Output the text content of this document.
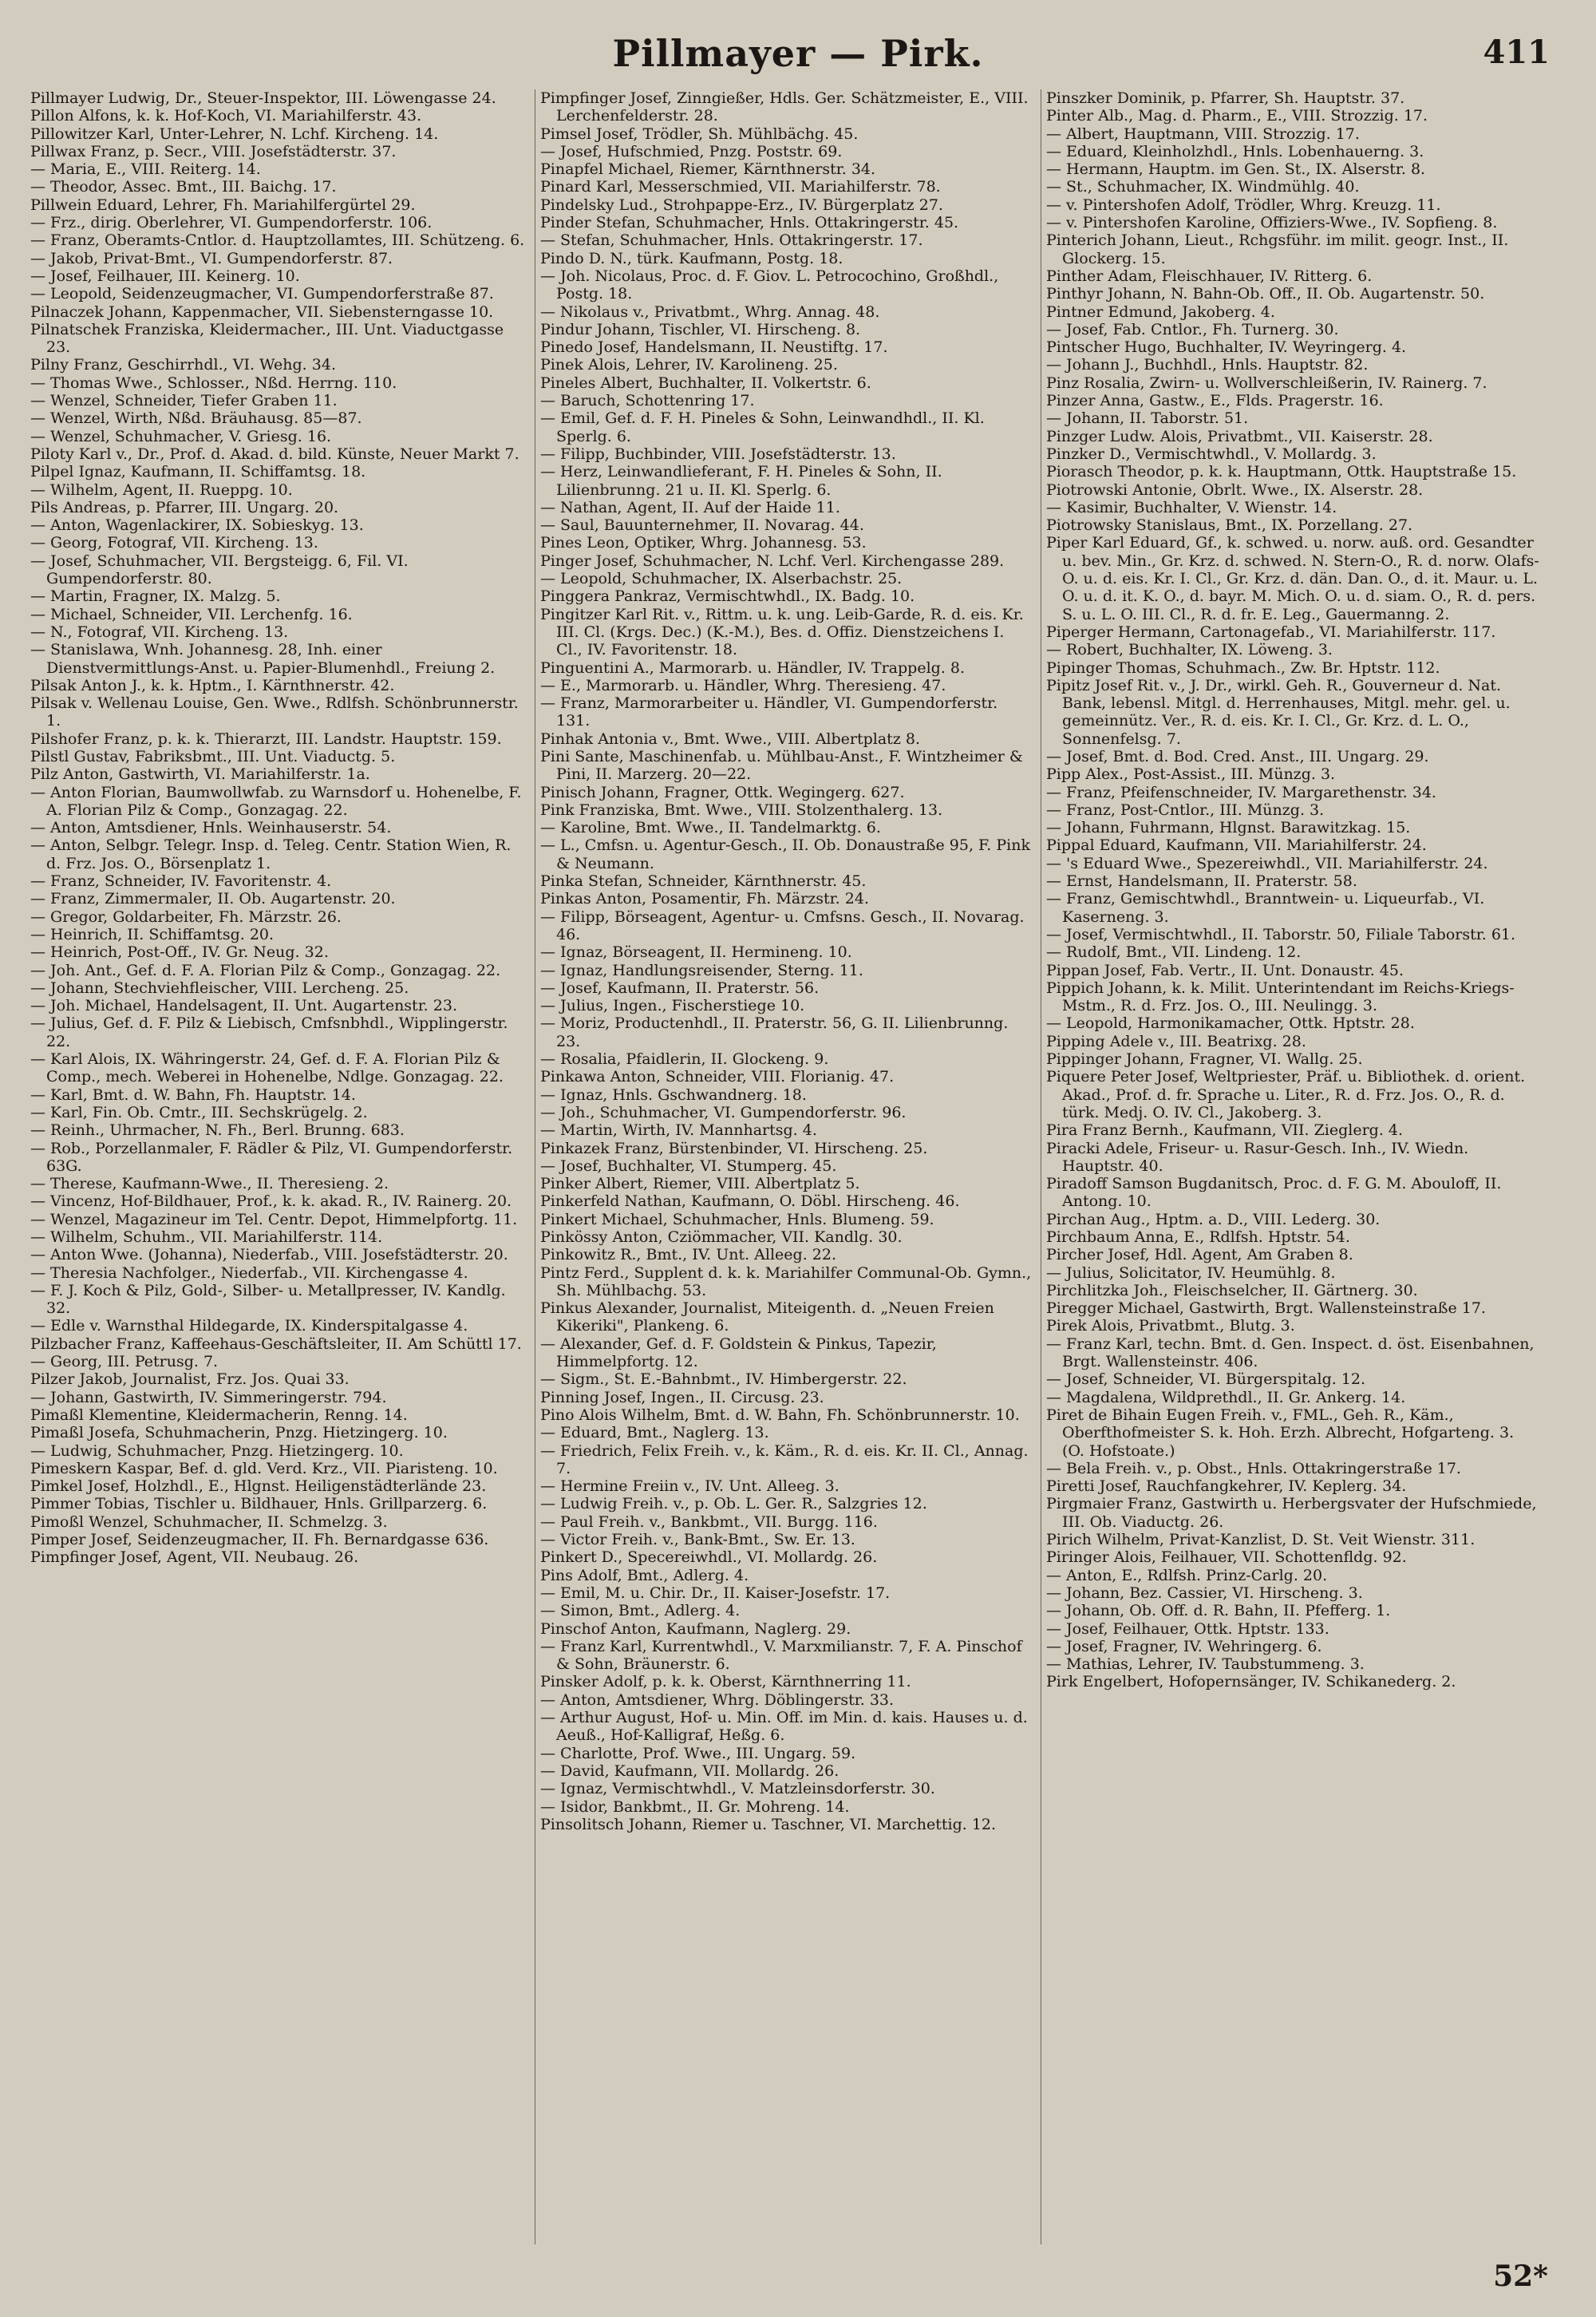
Pillmayer — Pirk.	411

Pillmayer Ludwig, Dr., Steuer-Inspektor, III. Löwengasse 24.

Pillon Alfons, k. k. Hof-Koch, VI. Mariahilferstr. 43.

Pillowitzer Karl, Unter-Lehrer, N. Lchf. Kircheng. 14.

Pillwax Franz, p. Secr., VIII. Josefstädterstr. 37.

— Maria, E., VIII. Reiterg. 14.

— Theodor, Assec. Bmt., III. Baichg. 17.

Pillwein Eduard, Lehrer, Fh. Mariahilfergürtel 29.

— Frz., dirig. Oberlehrer, VI. Gumpendorferstr. 106.

— Franz, Oberamts-Cntlor. d. Hauptzollamtes, III. Schützeng. 6.

— Jakob, Privat-Bmt., VI. Gumpendorferstr. 87.

— Josef, Feilhauer, III. Keinerg. 10.

— Leopold, Seidenzeugmacher, VI. Gumpendorferstraße 87.

Pilnaczek Johann, Kappenmacher, VII. Siebensterngasse 10.

Pilnatschek Franziska, Kleidermacher., III. Unt. Viaductgasse 23.

Pilny Franz, Geschirrhdl., VI. Wehg. 34.

— Thomas Wwe., Schlosser., Nßd. Herrng. 110.

— Wenzel, Schneider, Tiefer Graben 11.

— Wenzel, Wirth, Nßd. Bräuhausg. 85—87.

— Wenzel, Schuhmacher, V. Griesg. 16.

Piloty Karl v., Dr., Prof. d. Akad. d. bild. Künste, Neuer Markt 7.

Pilpel Ignaz, Kaufmann, II. Schiffamtsg. 18.

— Wilhelm, Agent, II. Rueppg. 10.

Pils Andreas, p. Pfarrer, III. Ungarg. 20.

— Anton, Wagenlackirer, IX. Sobieskyg. 13.

— Georg, Fotograf, VII. Kircheng. 13.

— Josef, Schuhmacher, VII. Bergsteigg. 6, Fil. VI. Gumpendorferstr. 80.

— Martin, Fragner, IX. Malzg. 5.

— Michael, Schneider, VII. Lerchenfg. 16.

— N., Fotograf, VII. Kircheng. 13.

— Stanislawa, Wnh. Johannesg. 28, Inh. einer Dienstvermittlungs-Anst. u. Papier-Blumenhdl., Freiung 2.

Pilsak Anton J., k. k. Hptm., I. Kärnthnerstr. 42.

Pilsak v. Wellenau Louise, Gen. Wwe., Rdlfsh. Schönbrunnerstr. 1.

Pilshofer Franz, p. k. k. Thierarzt, III. Landstr. Hauptstr. 159.

Pilstl Gustav, Fabriksbmt., III. Unt. Viaductg. 5.

Pilz Anton, Gastwirth, VI. Mariahilferstr. 1a.

— Anton Florian, Baumwollwfab. zu Warnsdorf u. Hohenelbe, F. A. Florian Pilz & Comp., Gonzagag. 22.

— Anton, Amtsdiener, Hnls. Weinhauserstr. 54.

— Anton, Selbgr. Telegr. Insp. d. Teleg. Centr. Station Wien, R. d. Frz. Jos. O., Börsenplatz 1.

— Franz, Schneider, IV. Favoritenstr. 4.

— Franz, Zimmermaler, II. Ob. Augartenstr. 20.

— Gregor, Goldarbeiter, Fh. Märzstr. 26.

— Heinrich, II. Schiffamtsg. 20.

— Heinrich, Post-Off., IV. Gr. Neug. 32.

— Joh. Ant., Gef. d. F. A. Florian Pilz & Comp., Gonzagag. 22.

— Johann, Stechviehfleischer, VIII. Lercheng. 25.

— Joh. Michael, Handelsagent, II. Unt. Augartenstr. 23.

— Julius, Gef. d. F. Pilz & Liebisch, Cmfsnbhdl., Wipplingerstr. 22.

— Karl Alois, IX. Währingerstr. 24, Gef. d. F. A. Florian Pilz & Comp., mech. Weberei in Hohenelbe, Ndlge. Gonzagag. 22.

— Karl, Bmt. d. W. Bahn, Fh. Hauptstr. 14.

— Karl, Fin. Ob. Cmtr., III. Sechskrügelg. 2.

— Reinh., Uhrmacher, N. Fh., Berl. Brunng. 683.

— Rob., Porzellanmaler, F. Rädler & Pilz, VI. Gumpendorferstr. 63G.

— Therese, Kaufmann-Wwe., II. Theresieng. 2.

— Vincenz, Hof-Bildhauer, Prof., k. k. akad. R., IV. Rainerg. 20.

— Wenzel, Magazineur im Tel. Centr. Depot, Himmelpfortg. 11.

— Wilhelm, Schuhm., VII. Mariahilferstr. 114.

— Anton Wwe. (Johanna), Niederfab., VIII. Josefstädterstr. 20.

— Theresia Nachfolger., Niederfab., VII. Kirchengasse 4.

— F. J. Koch & Pilz, Gold-, Silber- u. Metallpresser, IV. Kandlg. 32.

— Edle v. Warnsthal Hildegarde, IX. Kinderspitalgasse 4.

Pilzbacher Franz, Kaffeehaus-Geschäftsleiter, II. Am Schüttl 17.

— Georg, III. Petrusg. 7.

Pilzer Jakob, Journalist, Frz. Jos. Quai 33.

— Johann, Gastwirth, IV. Simmeringerstr. 794.

Pimaßl Klementine, Kleidermacherin, Renng. 14.

Pimaßl Josefa, Schuhmacherin, Pnzg. Hietzingerg. 10.

— Ludwig, Schuhmacher, Pnzg. Hietzingerg. 10.

Pimeskern Kaspar, Bef. d. gld. Verd. Krz., VII. Piaristeng. 10.

Pimkel Josef, Holzhdl., E., Hlgnst. Heiligenstädterlände 23.

Pimmer Tobias, Tischler u. Bildhauer, Hnls. Grillparzerg. 6.

Pimoßl Wenzel, Schuhmacher, II. Schmelzg. 3.

Pimper Josef, Seidenzeugmacher, II. Fh. Bernardgasse 636.

Pimpfinger Josef, Agent, VII. Neubaug. 26.

Pimpfinger Josef, Zinngießer, Hdls. Ger. Schätzmeister, E., VIII. Lerchenfelderstr. 28.

Pimsel Josef, Trödler, Sh. Mühlbächg. 45.

— Josef, Hufschmied, Pnzg. Poststr. 69.

Pinapfel Michael, Riemer, Kärnthnerstr. 34.

Pinard Karl, Messerschmied, VII. Mariahilferstr. 78.

Pindelsky Lud., Strohpappe-Erz., IV. Bürgerplatz 27.

Pinder Stefan, Schuhmacher, Hnls. Ottakringerstr. 45.

— Stefan, Schuhmacher, Hnls. Ottakringerstr. 17.

Pindo D. N., türk. Kaufmann, Postg. 18.

— Joh. Nicolaus, Proc. d. F. Giov. L. Petrocochino, Großhdl., Postg. 18.

— Nikolaus v., Privatbmt., Whrg. Annag. 48.

Pindur Johann, Tischler, VI. Hirscheng. 8.

Pinedo Josef, Handelsmann, II. Neustiftg. 17.

Pinek Alois, Lehrer, IV. Karolineng. 25.

Pineles Albert, Buchhalter, II. Volkertstr. 6.

— Baruch, Schottenring 17.

— Emil, Gef. d. F. H. Pineles & Sohn, Leinwandhdl., II. Kl. Sperlg. 6.

— Filipp, Buchbinder, VIII. Josefstädterstr. 13.

— Herz, Leinwandlieferant, F. H. Pineles & Sohn, II. Lilienbrunng. 21 u. II. Kl. Sperlg. 6.

— Nathan, Agent, II. Auf der Haide 11.

— Saul, Bauunternehmer, II. Novarag. 44.

Pines Leon, Optiker, Whrg. Johannesg. 53.

Pinger Josef, Schuhmacher, N. Lchf. Verl. Kirchengasse 289.

— Leopold, Schuhmacher, IX. Alserbachstr. 25.

Pinggera Pankraz, Vermischtwhdl., IX. Badg. 10.

Pingitzer Karl Rit. v., Rittm. u. k. ung. Leib-Garde, R. d. eis. Kr. III. Cl. (Krgs. Dec.) (K.-M.), Bes. d. Offiz. Dienstzeichens I. Cl., IV. Favoritenstr. 18.

Pinguentini A., Marmorarb. u. Händler, IV. Trappelg. 8.

— E., Marmorarb. u. Händler, Whrg. Theresieng. 47.

— Franz, Marmorarbeiter u. Händler, VI. Gumpendorferstr. 131.

Pinhak Antonia v., Bmt. Wwe., VIII. Albertplatz 8.

Pini Sante, Maschinenfab. u. Mühlbau-Anst., F. Wintzheimer & Pini, II. Marzerg. 20—22.

Pinisch Johann, Fragner, Ottk. Wegingerg. 627.

Pink Franziska, Bmt. Wwe., VIII. Stolzenthalerg. 13.

— Karoline, Bmt. Wwe., II. Tandelmarktg. 6.

— L., Cmfsn. u. Agentur-Gesch., II. Ob. Donaustraße 95, F. Pink & Neumann.

Pinka Stefan, Schneider, Kärnthnerstr. 45.

Pinkas Anton, Posamentir, Fh. Märzstr. 24.

— Filipp, Börseagent, Agentur- u. Cmfsns. Gesch., II. Novarag. 46.

— Ignaz, Börseagent, II. Hermineng. 10.

— Ignaz, Handlungsreisender, Sterng. 11.

— Josef, Kaufmann, II. Praterstr. 56.

— Julius, Ingen., Fischerstiege 10.

— Moriz, Productenhdl., II. Praterstr. 56, G. II. Lilienbrunng. 23.

— Rosalia, Pfaidlerin, II. Glockeng. 9.

Pinkawa Anton, Schneider, VIII. Florianig. 47.

— Ignaz, Hnls. Gschwandnerg. 18.

— Joh., Schuhmacher, VI. Gumpendorferstr. 96.

— Martin, Wirth, IV. Mannhartsg. 4.

Pinkazek Franz, Bürstenbinder, VI. Hirscheng. 25.

— Josef, Buchhalter, VI. Stumperg. 45.

Pinker Albert, Riemer, VIII. Albertplatz 5.

Pinkerfeld Nathan, Kaufmann, O. Döbl. Hirscheng. 46.

Pinkert Michael, Schuhmacher, Hnls. Blumeng. 59.

Pinkössy Anton, Cziömmacher, VII. Kandlg. 30.

Pinkowitz R., Bmt., IV. Unt. Alleeg. 22.

Pintz Ferd., Supplent d. k. k. Mariahilfer Communal-Ob. Gymn., Sh. Mühlbachg. 53.

Pinkus Alexander, Journalist, Miteigenth. d. „Neuen Freien Kikeriki", Plankeng. 6.

— Alexander, Gef. d. F. Goldstein & Pinkus, Tapezir, Himmelpfortg. 12.

— Sigm., St. E.-Bahnbmt., IV. Himbergerstr. 22.

Pinning Josef, Ingen., II. Circusg. 23.

Pino Alois Wilhelm, Bmt. d. W. Bahn, Fh. Schönbrunnerstr. 10.

— Eduard, Bmt., Naglerg. 13.

— Friedrich, Felix Freih. v., k. Käm., R. d. eis. Kr. II. Cl., Annag. 7.

— Hermine Freiin v., IV. Unt. Alleeg. 3.

— Ludwig Freih. v., p. Ob. L. Ger. R., Salzgries 12.

— Paul Freih. v., Bankbmt., VII. Burgg. 116.

— Victor Freih. v., Bank-Bmt., Sw. Er. 13.

Pinkert D., Specereiwhdl., VI. Mollardg. 26.

Pins Adolf, Bmt., Adlerg. 4.

— Emil, M. u. Chir. Dr., II. Kaiser-Josefstr. 17.

— Simon, Bmt., Adlerg. 4.

Pinschof Anton, Kaufmann, Naglerg. 29.

— Franz Karl, Kurrentwhdl., V. Marxmilianstr. 7, F. A. Pinschof & Sohn, Bräunerstr. 6.

Pinsker Adolf, p. k. k. Oberst, Kärnthnerring 11.

— Anton, Amtsdiener, Whrg. Döblingerstr. 33.

— Arthur August, Hof- u. Min. Off. im Min. d. kais. Hauses u. d. Aeuß., Hof-Kalligraf, Heßg. 6.

— Charlotte, Prof. Wwe., III. Ungarg. 59.

— David, Kaufmann, VII. Mollardg. 26.

— Ignaz, Vermischtwhdl., V. Matzleinsdorferstr. 30.

— Isidor, Bankbmt., II. Gr. Mohreng. 14.

Pinsolitsch Johann, Riemer u. Taschner, VI. Marchettig. 12.

Pinszker Dominik, p. Pfarrer, Sh. Hauptstr. 37.

Pinter Alb., Mag. d. Pharm., E., VIII. Strozzig. 17.

— Albert, Hauptmann, VIII. Strozzig. 17.

— Eduard, Kleinholzhdl., Hnls. Lobenhauerng. 3.

— Hermann, Hauptm. im Gen. St., IX. Alserstr. 8.

— St., Schuhmacher, IX. Windmühlg. 40.

— v. Pintershofen Adolf, Trödler, Whrg. Kreuzg. 11.

— v. Pintershofen Karoline, Offiziers-Wwe., IV. Sopfieng. 8.

Pinterich Johann, Lieut., Rchgsführ. im milit. geogr. Inst., II. Glockerg. 15.

Pinther Adam, Fleischhauer, IV. Ritterg. 6.

Pinthyr Johann, N. Bahn-Ob. Off., II. Ob. Augartenstr. 50.

Pintner Edmund, Jakoberg. 4.

— Josef, Fab. Cntlor., Fh. Turnerg. 30.

Pintscher Hugo, Buchhalter, IV. Weyringerg. 4.

— Johann J., Buchhdl., Hnls. Hauptstr. 82.

Pinz Rosalia, Zwirn- u. Wollverschleißerin, IV. Rainerg. 7.

Pinzer Anna, Gastw., E., Flds. Pragerstr. 16.

— Johann, II. Taborstr. 51.

Pinzger Ludw. Alois, Privatbmt., VII. Kaiserstr. 28.

Pinzker D., Vermischtwhdl., V. Mollardg. 3.

Piorasch Theodor, p. k. k. Hauptmann, Ottk. Hauptstraße 15.

Piotrowski Antonie, Obrlt. Wwe., IX. Alserstr. 28.

— Kasimir, Buchhalter, V. Wienstr. 14.

Piotrowsky Stanislaus, Bmt., IX. Porzellang. 27.

Piper Karl Eduard, Gf., k. schwed. u. norw. auß. ord. Gesandter u. bev. Min., Gr. Krz. d. schwed. N. Stern-O., R. d. norw. Olafs-O. u. d. eis. Kr. I. Cl., Gr. Krz. d. dän. Dan. O., d. it. Maur. u. L. O. u. d. it. K. O., d. bayr. M. Mich. O. u. d. siam. O., R. d. pers. S. u. L. O. III. Cl., R. d. fr. E. Leg., Gauermanng. 2.

Piperger Hermann, Cartonagefab., VI. Mariahilferstr. 117.

— Robert, Buchhalter, IX. Löweng. 3.

Pipinger Thomas, Schuhmach., Zw. Br. Hptstr. 112.

Pipitz Josef Rit. v., J. Dr., wirkl. Geh. R., Gouverneur d. Nat. Bank, lebensl. Mitgl. d. Herrenhauses, Mitgl. mehr. gel. u. gemeinnütz. Ver., R. d. eis. Kr. I. Cl., Gr. Krz. d. L. O., Sonnenfelsg. 7.

— Josef, Bmt. d. Bod. Cred. Anst., III. Ungarg. 29.

Pipp Alex., Post-Assist., III. Münzg. 3.

— Franz, Pfeifenschneider, IV. Margarethenstr. 34.

— Franz, Post-Cntlor., III. Münzg. 3.

— Johann, Fuhrmann, Hlgnst. Barawitzkag. 15.

Pippal Eduard, Kaufmann, VII. Mariahilferstr. 24.

— 's Eduard Wwe., Spezereiwhdl., VII. Mariahilferstr. 24.

— Ernst, Handelsmann, II. Praterstr. 58.

— Franz, Gemischtwhdl., Branntwein- u. Liqueurfab., VI. Kaserneng. 3.

— Josef, Vermischtwhdl., II. Taborstr. 50, Filiale Taborstr. 61.

— Rudolf, Bmt., VII. Lindeng. 12.

Pippan Josef, Fab. Vertr., II. Unt. Donaustr. 45.

Pippich Johann, k. k. Milit. Unterintendant im Reichs-Kriegs-Mstm., R. d. Frz. Jos. O., III. Neulingg. 3.

— Leopold, Harmonikamacher, Ottk. Hptstr. 28.

Pipping Adele v., III. Beatrixg. 28.

Pippinger Johann, Fragner, VI. Wallg. 25.

Piquere Peter Josef, Weltpriester, Präf. u. Bibliothek. d. orient. Akad., Prof. d. fr. Sprache u. Liter., R. d. Frz. Jos. O., R. d. türk. Medj. O. IV. Cl., Jakoberg. 3.

Pira Franz Bernh., Kaufmann, VII. Zieglerg. 4.

Piracki Adele, Friseur- u. Rasur-Gesch. Inh., IV. Wiedn. Hauptstr. 40.

Piradoff Samson Bugdanitsch, Proc. d. F. G. M. Abouloff, II. Antong. 10.

Pirchan Aug., Hptm. a. D., VIII. Lederg. 30.

Pirchbaum Anna, E., Rdlfsh. Hptstr. 54.

Pircher Josef, Hdl. Agent, Am Graben 8.

— Julius, Solicitator, IV. Heumühlg. 8.

Pirchlitzka Joh., Fleischselcher, II. Gärtnerg. 30.

Piregger Michael, Gastwirth, Brgt. Wallensteinstraße 17.

Pirek Alois, Privatbmt., Blutg. 3.

— Franz Karl, techn. Bmt. d. Gen. Inspect. d. öst. Eisenbahnen, Brgt. Wallensteinstr. 406.

— Josef, Schneider, VI. Bürgerspitalg. 12.

— Magdalena, Wildprethdl., II. Gr. Ankerg. 14.

Piret de Bihain Eugen Freih. v., FML., Geh. R., Käm., Oberfthofmeister S. k. Hoh. Erzh. Albrecht, Hofgarteng. 3. (O. Hofstoate.)

— Bela Freih. v., p. Obst., Hnls. Ottakringerstraße 17.

Piretti Josef, Rauchfangkehrer, IV. Keplerg. 34.

Pirgmaier Franz, Gastwirth u. Herbergsvater der Hufschmiede, III. Ob. Viaductg. 26.

Pirich Wilhelm, Privat-Kanzlist, D. St. Veit Wienstr. 311.

Piringer Alois, Feilhauer, VII. Schottenfldg. 92.

— Anton, E., Rdlfsh. Prinz-Carlg. 20.

— Johann, Bez. Cassier, VI. Hirscheng. 3.

— Johann, Ob. Off. d. R. Bahn, II. Pfefferg. 1.

— Josef, Feilhauer, Ottk. Hptstr. 133.

— Josef, Fragner, IV. Wehringerg. 6.

— Mathias, Lehrer, IV. Taubstummeng. 3.

Pirk Engelbert, Hofopernsänger, IV. Schikanederg. 2.

52*
